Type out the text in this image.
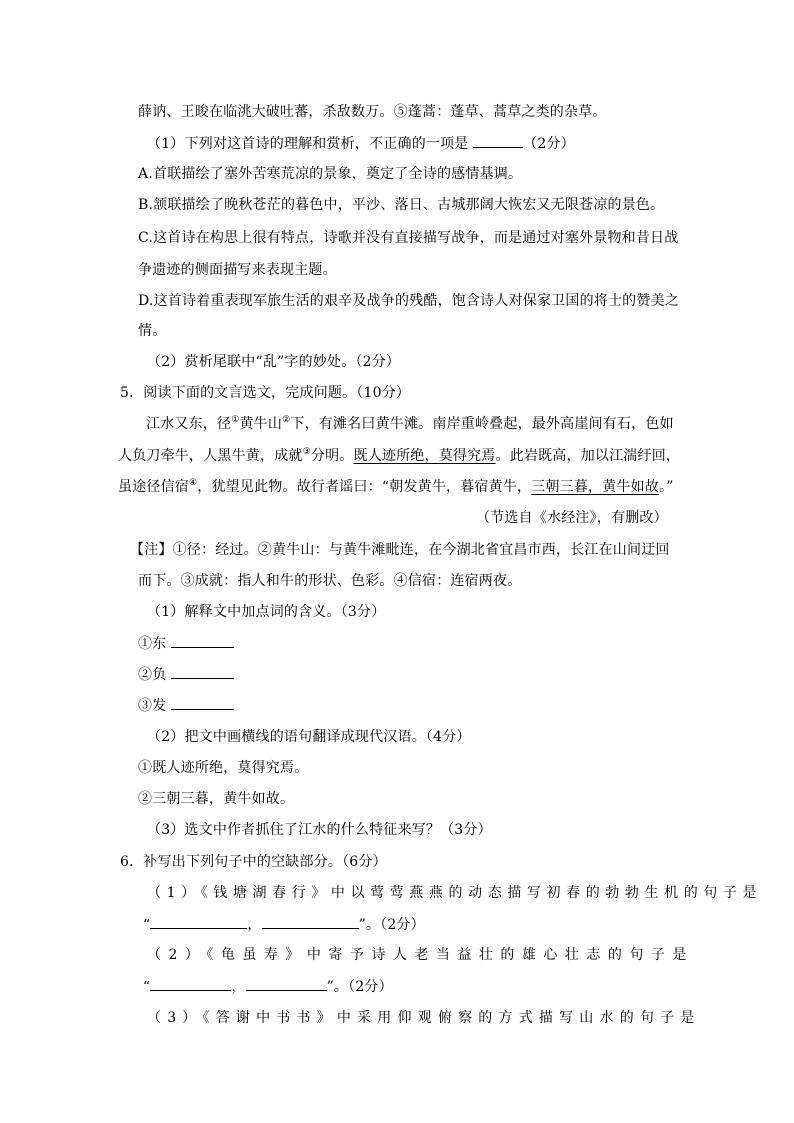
薛讷、王晙在临洮大破吐蕃，杀敌数万。⑤蓬蒿：蓬草、蒿草之类的杂草。
（1）下列对这首诗的理解和赏析，不正确的一项是	（2分）
A.首联描绘了塞外苦寒荒凉的景象，奠定了全诗的感情基调。
B.颔联描绘了晚秋苍茫的暮色中，平沙、落日、古城那阔大恢宏又无限苍凉的景色。
C.这首诗在构思上很有特点，诗歌并没有直接描写战争，而是通过对塞外景物和昔日战
争遗迹的侧面描写来表现主题。
D.这首诗着重表现军旅生活的艰辛及战争的残酷，饱含诗人对保家卫国的将士的赞美之
情。
（2）赏析尾联中“乱”字的妙处。（2分）
5．阅读下面的文言选文，完成问题。（10分）
江水又东，径①黄牛山②下，有滩名曰黄牛滩。南岸重岭叠起，最外高崖间有石，色如
人负刀牵牛，人黑牛黄，成就③分明。既人迹所绝，莫得究焉。此岩既高，加以江湍纡回，
虽途径信宿④，犹望见此物。故行者谣曰：“朝发黄牛，暮宿黄牛，三朝三暮，黄牛如故。”
（节选自《水经注》，有删改）
【注】①径：经过。②黄牛山：与黄牛滩毗连，在今湖北省宜昌市西，长江在山间迂回
而下。③成就：指人和牛的形状、色彩。④信宿：连宿两夜。
（1）解释文中加点词的含义。（3分）
①东
②负
③发
（2）把文中画横线的语句翻译成现代汉语。（4分）
①既人迹所绝，莫得究焉。
②三朝三暮，黄牛如故。
（3）选文中作者抓住了江水的什么特征来写？（3分）
6．补写出下列句子中的空缺部分。（6分）
（1）《钱塘湖春行》中以莺莺燕燕的动态描写初春的勃勃生机的句子是
“	，	”。（2分）
（2）《龟虽寿》中寄予诗人老当益壮的雄心壮志的句子是
“	，	”。（2分）
（3）《答谢中书书》中采用仰观俯察的方式描写山水的句子是
